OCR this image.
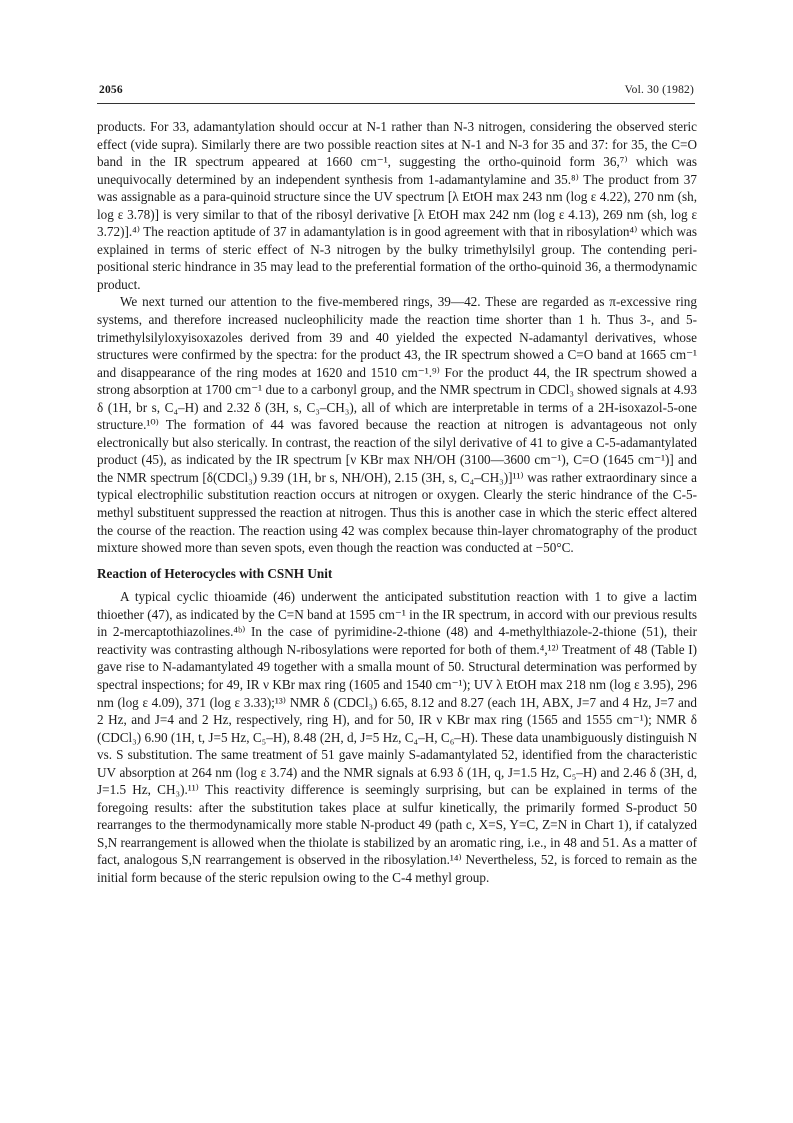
2056	Vol. 30 (1982)

products. For 33, adamantylation should occur at N-1 rather than N-3 nitrogen, considering the observed steric effect (vide supra). Similarly there are two possible reaction sites at N-1 and N-3 for 35 and 37: for 35, the C=O band in the IR spectrum appeared at 1660 cm⁻¹, suggesting the ortho-quinoid form 36,⁷⁾ which was unequivocally determined by an independent synthesis from 1-adamantylamine and 35.⁸⁾ The product from 37 was assignable as a para-quinoid structure since the UV spectrum [λ EtOH max 243 nm (log ε 4.22), 270 nm (sh, log ε 3.78)] is very similar to that of the ribosyl derivative [λ EtOH max 242 nm (log ε 4.13), 269 nm (sh, log ε 3.72)].⁴⁾ The reaction aptitude of 37 in adamantylation is in good agreement with that in ribosylation⁴⁾ which was explained in terms of steric effect of N-3 nitrogen by the bulky trimethylsilyl group. The contending peri-positional steric hindrance in 35 may lead to the preferential formation of the ortho-quinoid 36, a thermodynamic product.

We next turned our attention to the five-membered rings, 39—42. These are regarded as π-excessive ring systems, and therefore increased nucleophilicity made the reaction time shorter than 1 h. Thus 3-, and 5-trimethylsilyloxyisoxazoles derived from 39 and 40 yielded the expected N-adamantyl derivatives, whose structures were confirmed by the spectra: for the product 43, the IR spectrum showed a C=O band at 1665 cm⁻¹ and disappearance of the ring modes at 1620 and 1510 cm⁻¹.⁹⁾ For the product 44, the IR spectrum showed a strong absorption at 1700 cm⁻¹ due to a carbonyl group, and the NMR spectrum in CDCl₃ showed signals at 4.93 δ (1H, br s, C₄–H) and 2.32 δ (3H, s, C₃–CH₃), all of which are interpretable in terms of a 2H-isoxazol-5-one structure.¹⁰⁾ The formation of 44 was favored because the reaction at nitrogen is advantageous not only electronically but also sterically. In contrast, the reaction of the silyl derivative of 41 to give a C-5-adamantylated product (45), as indicated by the IR spectrum [ν KBr max NH/OH (3100—3600 cm⁻¹), C=O (1645 cm⁻¹)] and the NMR spectrum [δ(CDCl₃) 9.39 (1H, br s, NH/OH), 2.15 (3H, s, C₄–CH₃)]¹¹⁾ was rather extraordinary since a typical electrophilic substitution reaction occurs at nitrogen or oxygen. Clearly the steric hindrance of the C-5-methyl substituent suppressed the reaction at nitrogen. Thus this is another case in which the steric effect altered the course of the reaction. The reaction using 42 was complex because thin-layer chromatography of the product mixture showed more than seven spots, even though the reaction was conducted at −50°C.

Reaction of Heterocycles with CSNH Unit

A typical cyclic thioamide (46) underwent the anticipated substitution reaction with 1 to give a lactim thioether (47), as indicated by the C=N band at 1595 cm⁻¹ in the IR spectrum, in accord with our previous results in 2-mercaptothiazolines.⁴ᵇ⁾ In the case of pyrimidine-2-thione (48) and 4-methylthiazole-2-thione (51), their reactivity was contrasting although N-ribosylations were reported for both of them.⁴,¹²⁾ Treatment of 48 (Table I) gave rise to N-adamantylated 49 together with a smalla mount of 50. Structural determination was performed by spectral inspections; for 49, IR ν KBr max ring (1605 and 1540 cm⁻¹); UV λ EtOH max 218 nm (log ε 3.95), 296 nm (log ε 4.09), 371 (log ε 3.33);¹³⁾ NMR δ (CDCl₃) 6.65, 8.12 and 8.27 (each 1H, ABX, J=7 and 4 Hz, J=7 and 2 Hz, and J=4 and 2 Hz, respectively, ring H), and for 50, IR ν KBr max ring (1565 and 1555 cm⁻¹); NMR δ (CDCl₃) 6.90 (1H, t, J=5 Hz, C₅–H), 8.48 (2H, d, J=5 Hz, C₄–H, C₆–H). These data unambiguously distinguish N vs. S substitution. The same treatment of 51 gave mainly S-adamantylated 52, identified from the characteristic UV absorption at 264 nm (log ε 3.74) and the NMR signals at 6.93 δ (1H, q, J=1.5 Hz, C₅–H) and 2.46 δ (3H, d, J=1.5 Hz, CH₃).¹¹⁾ This reactivity difference is seemingly surprising, but can be explained in terms of the foregoing results: after the substitution takes place at sulfur kinetically, the primarily formed S-product 50 rearranges to the thermodynamically more stable N-product 49 (path c, X=S, Y=C, Z=N in Chart 1), if catalyzed S,N rearrangement is allowed when the thiolate is stabilized by an aromatic ring, i.e., in 48 and 51. As a matter of fact, analogous S,N rearrangement is observed in the ribosylation.¹⁴⁾ Nevertheless, 52, is forced to remain as the initial form because of the steric repulsion owing to the C-4 methyl group.
